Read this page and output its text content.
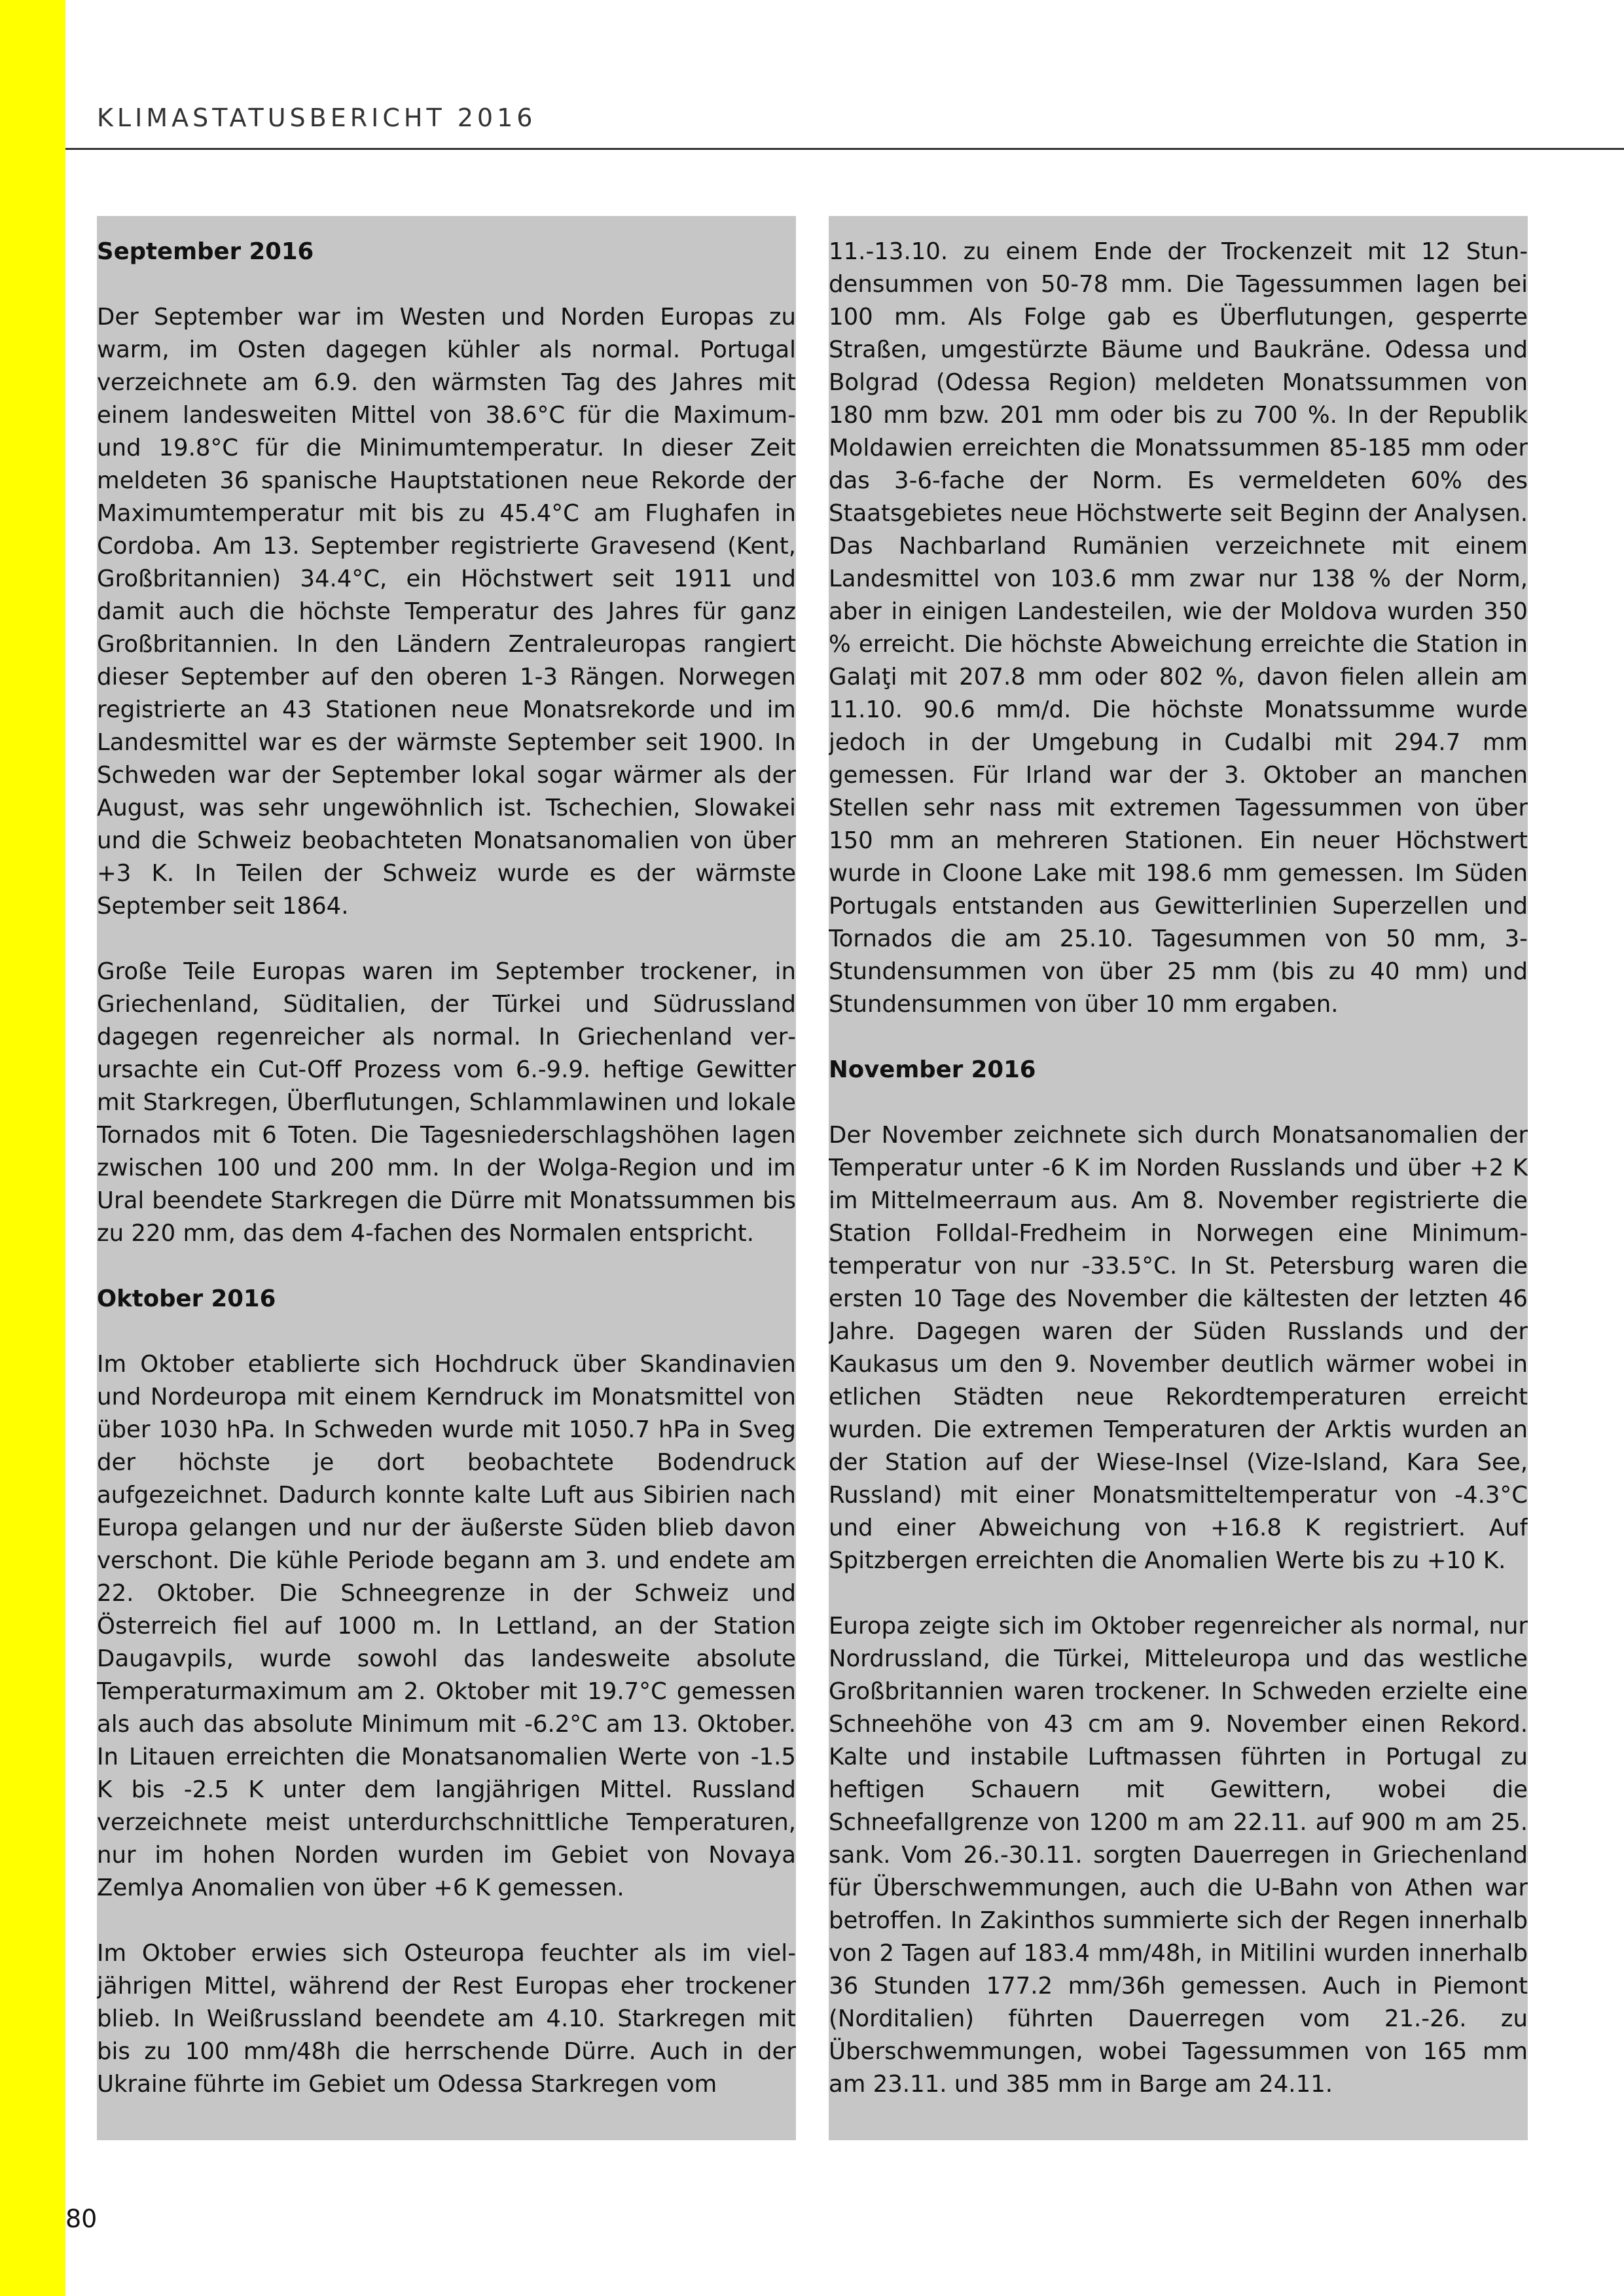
KLIMASTATUSBERICHT 2016
September 2016

Der September war im Westen und Norden Europas zu warm, im Osten dagegen kühler als normal. Portugal verzeichnete am 6.9. den wärmsten Tag des Jahres mit einem landesweiten Mittel von 38.6°C für die Maximum- und 19.8°C für die Minimumtemperatur. In dieser Zeit meldeten 36 spanische Hauptstationen neue Rekorde der Maximumtemperatur mit bis zu 45.4°C am Flughafen in Cordoba. Am 13. September registrierte Gravesend (Kent, Großbritannien) 34.4°C, ein Höchstwert seit 1911 und damit auch die höchste Temperatur des Jahres für ganz Großbritannien. In den Ländern Zentraleuropas rangiert dieser September auf den oberen 1-3 Rängen. Norwegen registrierte an 43 Stationen neue Monatsrekorde und im Landesmittel war es der wärmste September seit 1900. In Schweden war der September lokal sogar wärmer als der August, was sehr ungewöhnlich ist. Tschechien, Slowakei und die Schweiz beobachteten Monatsanomalien von über +3 K. In Teilen der Schweiz wurde es der wärmste September seit 1864.

Große Teile Europas waren im September trockener, in Griechenland, Süditalien, der Türkei und Südrussland dagegen regenreicher als normal. In Griechenland verursachte ein Cut-Off Prozess vom 6.-9.9. heftige Gewitter mit Starkregen, Überflutungen, Schlammlawinen und lokale Tornados mit 6 Toten. Die Tagesniederschlagshöhen lagen zwischen 100 und 200 mm. In der Wolga-Region und im Ural beendete Starkregen die Dürre mit Monatssummen bis zu 220 mm, das dem 4-fachen des Normalen entspricht.

Oktober 2016

Im Oktober etablierte sich Hochdruck über Skandinavien und Nordeuropa mit einem Kerndruck im Monatsmittel von über 1030 hPa. In Schweden wurde mit 1050.7 hPa in Sveg der höchste je dort beobachtete Bodendruck aufgezeichnet. Dadurch konnte kalte Luft aus Sibirien nach Europa gelangen und nur der äußerste Süden blieb davon verschont. Die kühle Periode begann am 3. und endete am 22. Oktober. Die Schneegrenze in der Schweiz und Österreich fiel auf 1000 m. In Lettland, an der Station Daugavpils, wurde sowohl das landesweite absolute Temperaturmaximum am 2. Oktober mit 19.7°C gemessen als auch das absolute Minimum mit -6.2°C am 13. Oktober. In Litauen erreichten die Monatsanomalien Werte von -1.5 K bis -2.5 K unter dem langjährigen Mittel. Russland verzeichnete meist unterdurchschnittliche Temperaturen, nur im hohen Norden wurden im Gebiet von Novaya Zemlya Anomalien von über +6 K gemessen.

Im Oktober erwies sich Osteuropa feuchter als im vieljährigen Mittel, während der Rest Europas eher trockener blieb. In Weißrussland beendete am 4.10. Starkregen mit bis zu 100 mm/48h die herrschende Dürre. Auch in der Ukraine führte im Gebiet um Odessa Starkregen vom

11.-13.10. zu einem Ende der Trockenzeit mit 12 Stundensummen von 50-78 mm. Die Tagessummen lagen bei 100 mm. Als Folge gab es Überflutungen, gesperrte Straßen, umgestürzte Bäume und Baukräne. Odessa und Bolgrad (Odessa Region) meldeten Monatssummen von 180 mm bzw. 201 mm oder bis zu 700 %. In der Republik Moldawien erreichten die Monatssummen 85-185 mm oder das 3-6-fache der Norm. Es vermeldeten 60% des Staatsgebietes neue Höchstwerte seit Beginn der Analysen. Das Nachbarland Rumänien verzeichnete mit einem Landesmittel von 103.6 mm zwar nur 138 % der Norm, aber in einigen Landesteilen, wie der Moldova wurden 350 % erreicht. Die höchste Abweichung erreichte die Station in Galaţi mit 207.8 mm oder 802 %, davon fielen allein am 11.10. 90.6 mm/d. Die höchste Monatssumme wurde jedoch in der Umgebung in Cudalbi mit 294.7 mm gemessen. Für Irland war der 3. Oktober an manchen Stellen sehr nass mit extremen Tagessummen von über 150 mm an mehreren Stationen. Ein neuer Höchstwert wurde in Cloone Lake mit 198.6 mm gemessen. Im Süden Portugals entstanden aus Gewitterlinien Superzellen und Tornados die am 25.10. Tagesummen von 50 mm, 3-Stundensummen von über 25 mm (bis zu 40 mm) und Stundensummen von über 10 mm ergaben.

November 2016

Der November zeichnete sich durch Monatsanomalien der Temperatur unter -6 K im Norden Russlands und über +2 K im Mittelmeerraum aus. Am 8. November registrierte die Station Folldal-Fredheim in Norwegen eine Minimumtemperatur von nur -33.5°C. In St. Petersburg waren die ersten 10 Tage des November die kältesten der letzten 46 Jahre. Dagegen waren der Süden Russlands und der Kaukasus um den 9. November deutlich wärmer wobei in etlichen Städten neue Rekordtemperaturen erreicht wurden. Die extremen Temperaturen der Arktis wurden an der Station auf der Wiese-Insel (Vize-Island, Kara See, Russland) mit einer Monatsmitteltemperatur von -4.3°C und einer Abweichung von +16.8 K registriert. Auf Spitzbergen erreichten die Anomalien Werte bis zu +10 K.

Europa zeigte sich im Oktober regenreicher als normal, nur Nordrussland, die Türkei, Mitteleuropa und das westliche Großbritannien waren trockener. In Schweden erzielte eine Schneehöhe von 43 cm am 9. November einen Rekord. Kalte und instabile Luftmassen führten in Portugal zu heftigen Schauern mit Gewittern, wobei die Schneefallgrenze von 1200 m am 22.11. auf 900 m am 25. sank. Vom 26.-30.11. sorgten Dauerregen in Griechenland für Überschwemmungen, auch die U-Bahn von Athen war betroffen. In Zakinthos summierte sich der Regen innerhalb von 2 Tagen auf 183.4 mm/48h, in Mitilini wurden innerhalb 36 Stunden 177.2 mm/36h gemessen. Auch in Piemont (Norditalien) führten Dauerregen vom 21.-26. zu Überschwemmungen, wobei Tagessummen von 165 mm am 23.11. und 385 mm in Barge am 24.11.

80
